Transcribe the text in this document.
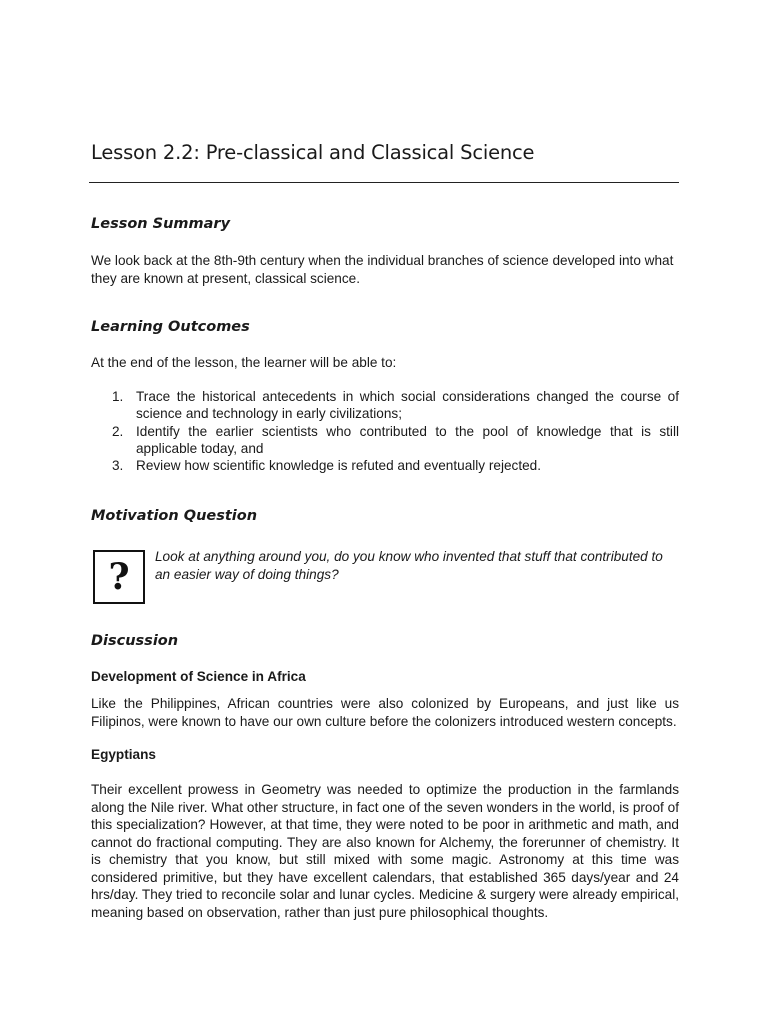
Lesson 2.2: Pre-classical and Classical Science
Lesson Summary

We look back at the 8th-9th century when the individual branches of science developed into what they are known at present, classical science.

Learning Outcomes

At the end of the lesson, the learner will be able to:

1. Trace the historical antecedents in which social considerations changed the course of science and technology in early civilizations;
2. Identify the earlier scientists who contributed to the pool of knowledge that is still applicable today, and
3. Review how scientific knowledge is refuted and eventually rejected.
Motivation Question
?	Look at anything around you, do you know who invented that stuff that contributed to an easier way of doing things?

Discussion
Development of Science in Africa

Like the Philippines, African countries were also colonized by Europeans, and just like us Filipinos, were known to have our own culture before the colonizers introduced western concepts.

Egyptians

Their excellent prowess in Geometry was needed to optimize the production in the farmlands along the Nile river. What other structure, in fact one of the seven wonders in the world, is proof of this specialization? However, at that time, they were noted to be poor in arithmetic and math, and cannot do fractional computing. They are also known for Alchemy, the forerunner of chemistry. It is chemistry that you know, but still mixed with some magic. Astronomy at this time was considered primitive, but they have excellent calendars, that established 365 days/year and 24 hrs/day. They tried to reconcile solar and lunar cycles. Medicine & surgery were already empirical, meaning based on observation, rather than just pure philosophical thoughts.
